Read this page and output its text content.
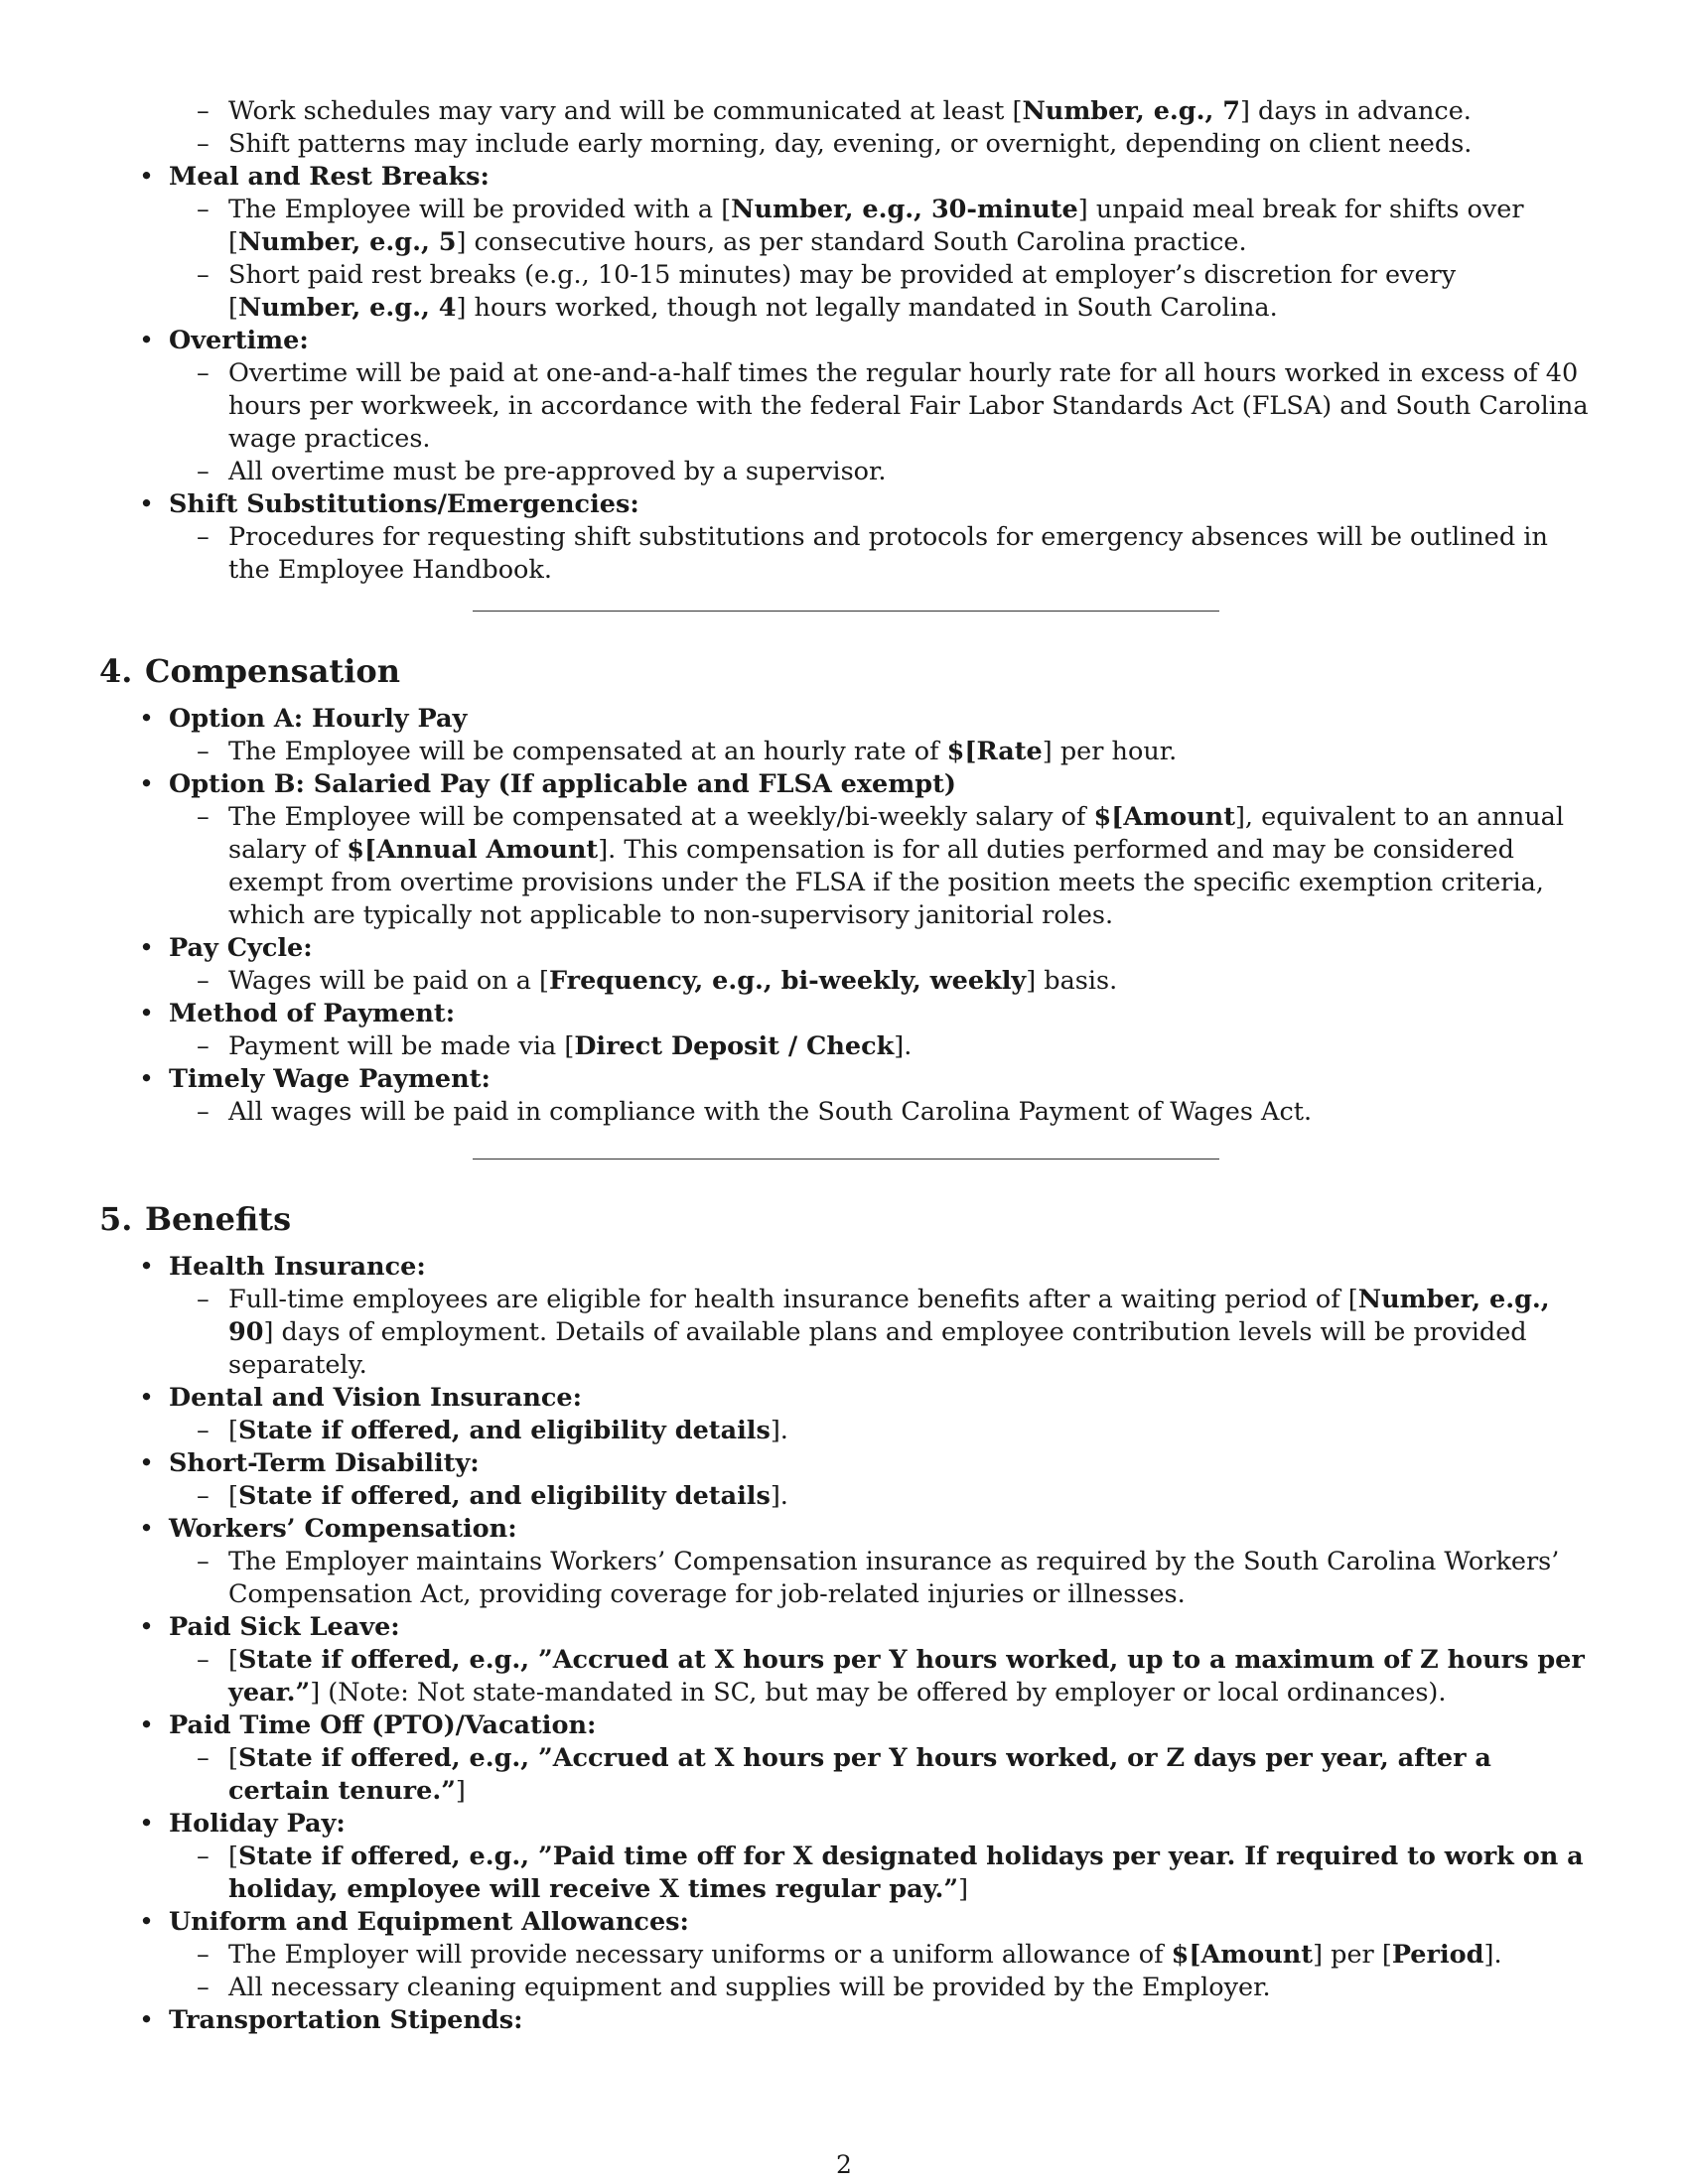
– Work schedules may vary and will be communicated at least [Number, e.g., 7] days in advance.
– Shift patterns may include early morning, day, evening, or overnight, depending on client needs.
• Meal and Rest Breaks:
– The Employee will be provided with a [Number, e.g., 30-minute] unpaid meal break for shifts over [Number, e.g., 5] consecutive hours, as per standard South Carolina practice.
– Short paid rest breaks (e.g., 10-15 minutes) may be provided at employer’s discretion for every [Number, e.g., 4] hours worked, though not legally mandated in South Carolina.
• Overtime:
– Overtime will be paid at one-and-a-half times the regular hourly rate for all hours worked in excess of 40 hours per workweek, in accordance with the federal Fair Labor Standards Act (FLSA) and South Carolina wage practices.
– All overtime must be pre-approved by a supervisor.
• Shift Substitutions/Emergencies:
– Procedures for requesting shift substitutions and protocols for emergency absences will be outlined in the Employee Handbook.
4. Compensation
• Option A: Hourly Pay
– The Employee will be compensated at an hourly rate of $[Rate] per hour.
• Option B: Salaried Pay (If applicable and FLSA exempt)
– The Employee will be compensated at a weekly/bi-weekly salary of $[Amount], equivalent to an annual salary of $[Annual Amount]. This compensation is for all duties performed and may be considered exempt from overtime provisions under the FLSA if the position meets the specific exemption criteria, which are typically not applicable to non-supervisory janitorial roles.
• Pay Cycle:
– Wages will be paid on a [Frequency, e.g., bi-weekly, weekly] basis.
• Method of Payment:
– Payment will be made via [Direct Deposit / Check].
• Timely Wage Payment:
– All wages will be paid in compliance with the South Carolina Payment of Wages Act.
5. Benefits
• Health Insurance:
– Full-time employees are eligible for health insurance benefits after a waiting period of [Number, e.g., 90] days of employment. Details of available plans and employee contribution levels will be provided separately.
• Dental and Vision Insurance:
– [State if offered, and eligibility details].
• Short-Term Disability:
– [State if offered, and eligibility details].
• Workers’ Compensation:
– The Employer maintains Workers’ Compensation insurance as required by the South Carolina Workers’ Compensation Act, providing coverage for job-related injuries or illnesses.
• Paid Sick Leave:
– [State if offered, e.g., ”Accrued at X hours per Y hours worked, up to a maximum of Z hours per year.”] (Note: Not state-mandated in SC, but may be offered by employer or local ordinances).
• Paid Time Off (PTO)/Vacation:
– [State if offered, e.g., ”Accrued at X hours per Y hours worked, or Z days per year, after a certain tenure.”]
• Holiday Pay:
– [State if offered, e.g., ”Paid time off for X designated holidays per year. If required to work on a holiday, employee will receive X times regular pay.”]
• Uniform and Equipment Allowances:
– The Employer will provide necessary uniforms or a uniform allowance of $[Amount] per [Period].
– All necessary cleaning equipment and supplies will be provided by the Employer.
• Transportation Stipends:
2
